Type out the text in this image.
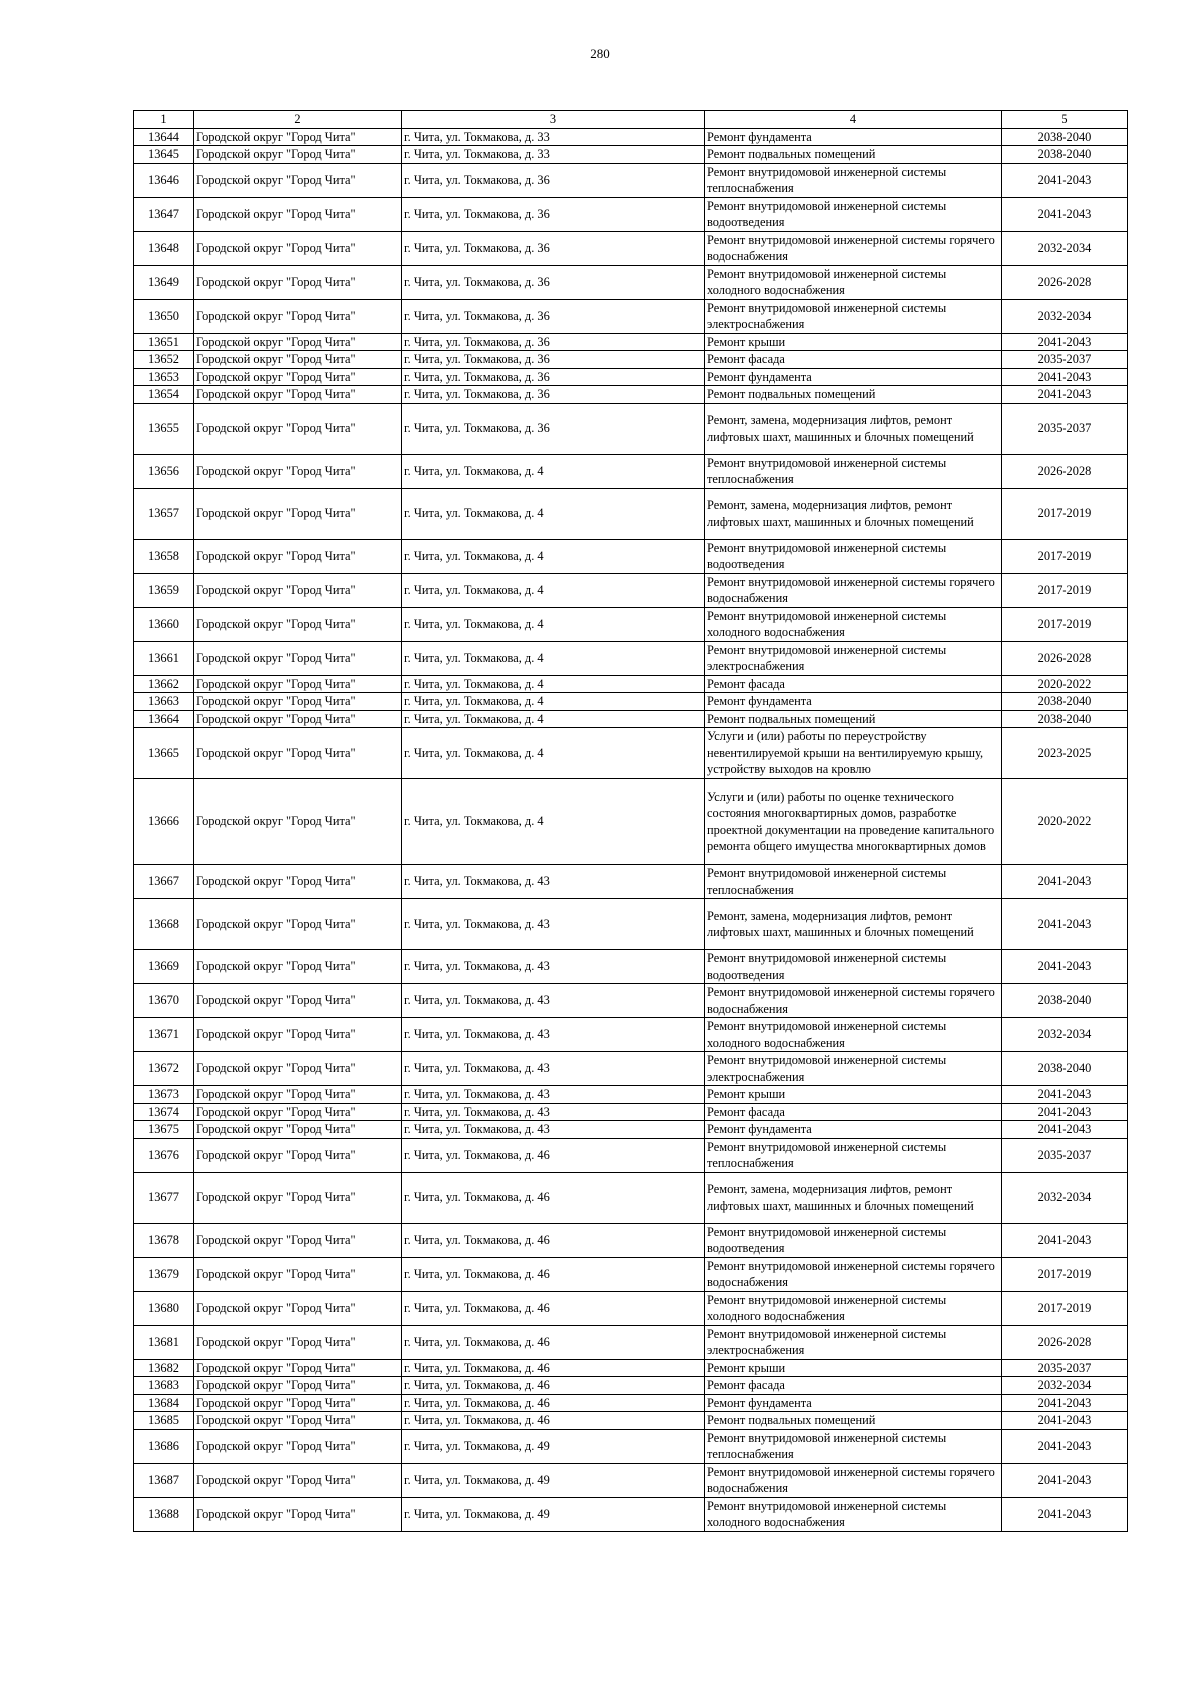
280
1	2	3	4	5
13644	Городской округ "Город Чита"	г. Чита, ул. Токмакова, д. 33	Ремонт фундамента	2038-2040
13645	Городской округ "Город Чита"	г. Чита, ул. Токмакова, д. 33	Ремонт подвальных помещений	2038-2040
13646	Городской округ "Город Чита"	г. Чита, ул. Токмакова, д. 36	Ремонт внутридомовой инженерной системы теплоснабжения	2041-2043
13647	Городской округ "Город Чита"	г. Чита, ул. Токмакова, д. 36	Ремонт внутридомовой инженерной системы водоотведения	2041-2043
13648	Городской округ "Город Чита"	г. Чита, ул. Токмакова, д. 36	Ремонт внутридомовой инженерной системы горячего водоснабжения	2032-2034
13649	Городской округ "Город Чита"	г. Чита, ул. Токмакова, д. 36	Ремонт внутридомовой инженерной системы холодного водоснабжения	2026-2028
13650	Городской округ "Город Чита"	г. Чита, ул. Токмакова, д. 36	Ремонт внутридомовой инженерной системы электроснабжения	2032-2034
13651	Городской округ "Город Чита"	г. Чита, ул. Токмакова, д. 36	Ремонт крыши	2041-2043
13652	Городской округ "Город Чита"	г. Чита, ул. Токмакова, д. 36	Ремонт фасада	2035-2037
13653	Городской округ "Город Чита"	г. Чита, ул. Токмакова, д. 36	Ремонт фундамента	2041-2043
13654	Городской округ "Город Чита"	г. Чита, ул. Токмакова, д. 36	Ремонт подвальных помещений	2041-2043
13655	Городской округ "Город Чита"	г. Чита, ул. Токмакова, д. 36	Ремонт, замена, модернизация лифтов, ремонт лифтовых шахт, машинных и блочных помещений	2035-2037
13656	Городской округ "Город Чита"	г. Чита, ул. Токмакова, д. 4	Ремонт внутридомовой инженерной системы теплоснабжения	2026-2028
13657	Городской округ "Город Чита"	г. Чита, ул. Токмакова, д. 4	Ремонт, замена, модернизация лифтов, ремонт лифтовых шахт, машинных и блочных помещений	2017-2019
13658	Городской округ "Город Чита"	г. Чита, ул. Токмакова, д. 4	Ремонт внутридомовой инженерной системы водоотведения	2017-2019
13659	Городской округ "Город Чита"	г. Чита, ул. Токмакова, д. 4	Ремонт внутридомовой инженерной системы горячего водоснабжения	2017-2019
13660	Городской округ "Город Чита"	г. Чита, ул. Токмакова, д. 4	Ремонт внутридомовой инженерной системы холодного водоснабжения	2017-2019
13661	Городской округ "Город Чита"	г. Чита, ул. Токмакова, д. 4	Ремонт внутридомовой инженерной системы электроснабжения	2026-2028
13662	Городской округ "Город Чита"	г. Чита, ул. Токмакова, д. 4	Ремонт фасада	2020-2022
13663	Городской округ "Город Чита"	г. Чита, ул. Токмакова, д. 4	Ремонт фундамента	2038-2040
13664	Городской округ "Город Чита"	г. Чита, ул. Токмакова, д. 4	Ремонт подвальных помещений	2038-2040
13665	Городской округ "Город Чита"	г. Чита, ул. Токмакова, д. 4	Услуги и (или) работы по переустройству невентилируемой крыши на вентилируемую крышу, устройству выходов на кровлю	2023-2025
13666	Городской округ "Город Чита"	г. Чита, ул. Токмакова, д. 4	Услуги и (или) работы по оценке технического состояния многоквартирных домов, разработке проектной документации на проведение капитального ремонта общего имущества многоквартирных домов	2020-2022
13667	Городской округ "Город Чита"	г. Чита, ул. Токмакова, д. 43	Ремонт внутридомовой инженерной системы теплоснабжения	2041-2043
13668	Городской округ "Город Чита"	г. Чита, ул. Токмакова, д. 43	Ремонт, замена, модернизация лифтов, ремонт лифтовых шахт, машинных и блочных помещений	2041-2043
13669	Городской округ "Город Чита"	г. Чита, ул. Токмакова, д. 43	Ремонт внутридомовой инженерной системы водоотведения	2041-2043
13670	Городской округ "Город Чита"	г. Чита, ул. Токмакова, д. 43	Ремонт внутридомовой инженерной системы горячего водоснабжения	2038-2040
13671	Городской округ "Город Чита"	г. Чита, ул. Токмакова, д. 43	Ремонт внутридомовой инженерной системы холодного водоснабжения	2032-2034
13672	Городской округ "Город Чита"	г. Чита, ул. Токмакова, д. 43	Ремонт внутридомовой инженерной системы электроснабжения	2038-2040
13673	Городской округ "Город Чита"	г. Чита, ул. Токмакова, д. 43	Ремонт крыши	2041-2043
13674	Городской округ "Город Чита"	г. Чита, ул. Токмакова, д. 43	Ремонт фасада	2041-2043
13675	Городской округ "Город Чита"	г. Чита, ул. Токмакова, д. 43	Ремонт фундамента	2041-2043
13676	Городской округ "Город Чита"	г. Чита, ул. Токмакова, д. 46	Ремонт внутридомовой инженерной системы теплоснабжения	2035-2037
13677	Городской округ "Город Чита"	г. Чита, ул. Токмакова, д. 46	Ремонт, замена, модернизация лифтов, ремонт лифтовых шахт, машинных и блочных помещений	2032-2034
13678	Городской округ "Город Чита"	г. Чита, ул. Токмакова, д. 46	Ремонт внутридомовой инженерной системы водоотведения	2041-2043
13679	Городской округ "Город Чита"	г. Чита, ул. Токмакова, д. 46	Ремонт внутридомовой инженерной системы горячего водоснабжения	2017-2019
13680	Городской округ "Город Чита"	г. Чита, ул. Токмакова, д. 46	Ремонт внутридомовой инженерной системы холодного водоснабжения	2017-2019
13681	Городской округ "Город Чита"	г. Чита, ул. Токмакова, д. 46	Ремонт внутридомовой инженерной системы электроснабжения	2026-2028
13682	Городской округ "Город Чита"	г. Чита, ул. Токмакова, д. 46	Ремонт крыши	2035-2037
13683	Городской округ "Город Чита"	г. Чита, ул. Токмакова, д. 46	Ремонт фасада	2032-2034
13684	Городской округ "Город Чита"	г. Чита, ул. Токмакова, д. 46	Ремонт фундамента	2041-2043
13685	Городской округ "Город Чита"	г. Чита, ул. Токмакова, д. 46	Ремонт подвальных помещений	2041-2043
13686	Городской округ "Город Чита"	г. Чита, ул. Токмакова, д. 49	Ремонт внутридомовой инженерной системы теплоснабжения	2041-2043
13687	Городской округ "Город Чита"	г. Чита, ул. Токмакова, д. 49	Ремонт внутридомовой инженерной системы горячего водоснабжения	2041-2043
13688	Городской округ "Город Чита"	г. Чита, ул. Токмакова, д. 49	Ремонт внутридомовой инженерной системы холодного водоснабжения	2041-2043
